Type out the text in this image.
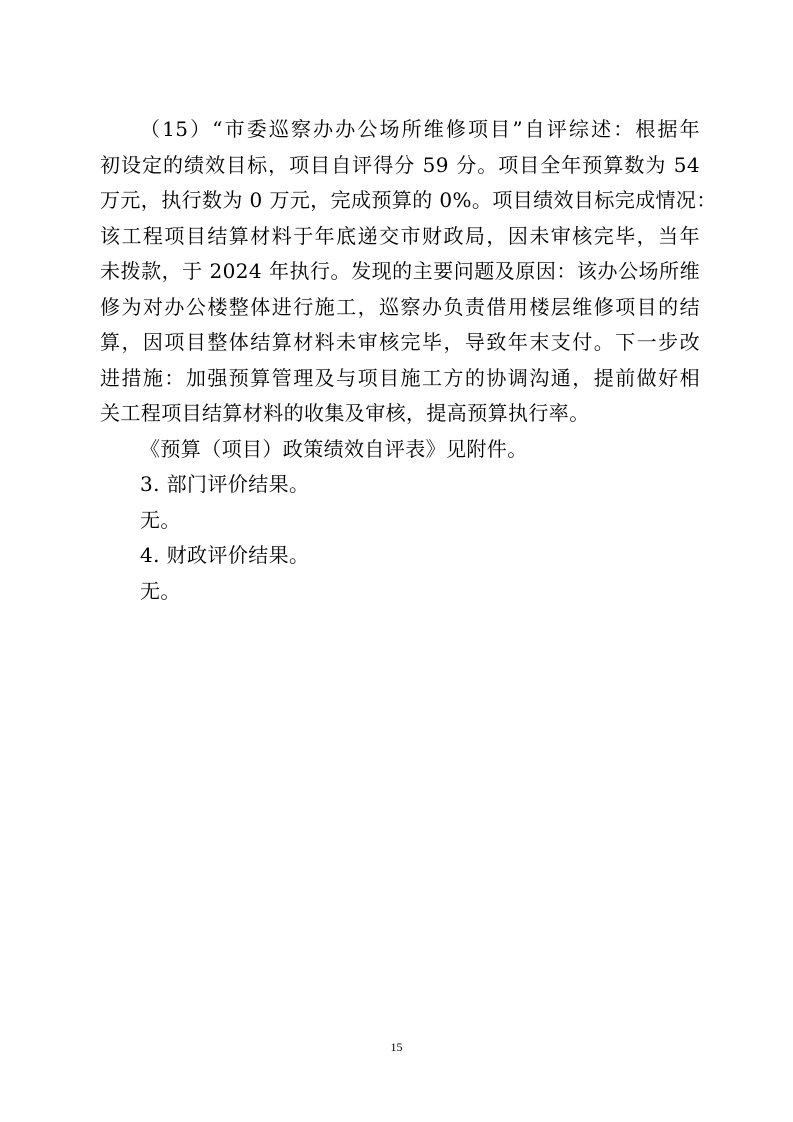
（15）“市委巡察办办公场所维修项目”自评综述：根据年
初设定的绩效目标，项目自评得分 59 分。项目全年预算数为 54
万元，执行数为 0 万元，完成预算的 0%。项目绩效目标完成情况：
该工程项目结算材料于年底递交市财政局，因未审核完毕，当年
未拨款，于 2024 年执行。发现的主要问题及原因：该办公场所维
修为对办公楼整体进行施工，巡察办负责借用楼层维修项目的结
算，因项目整体结算材料未审核完毕，导致年末支付。下一步改
进措施：加强预算管理及与项目施工方的协调沟通，提前做好相
关工程项目结算材料的收集及审核，提高预算执行率。
《预算（项目）政策绩效自评表》见附件。
3. 部门评价结果。
无。
4. 财政评价结果。
无。
15
